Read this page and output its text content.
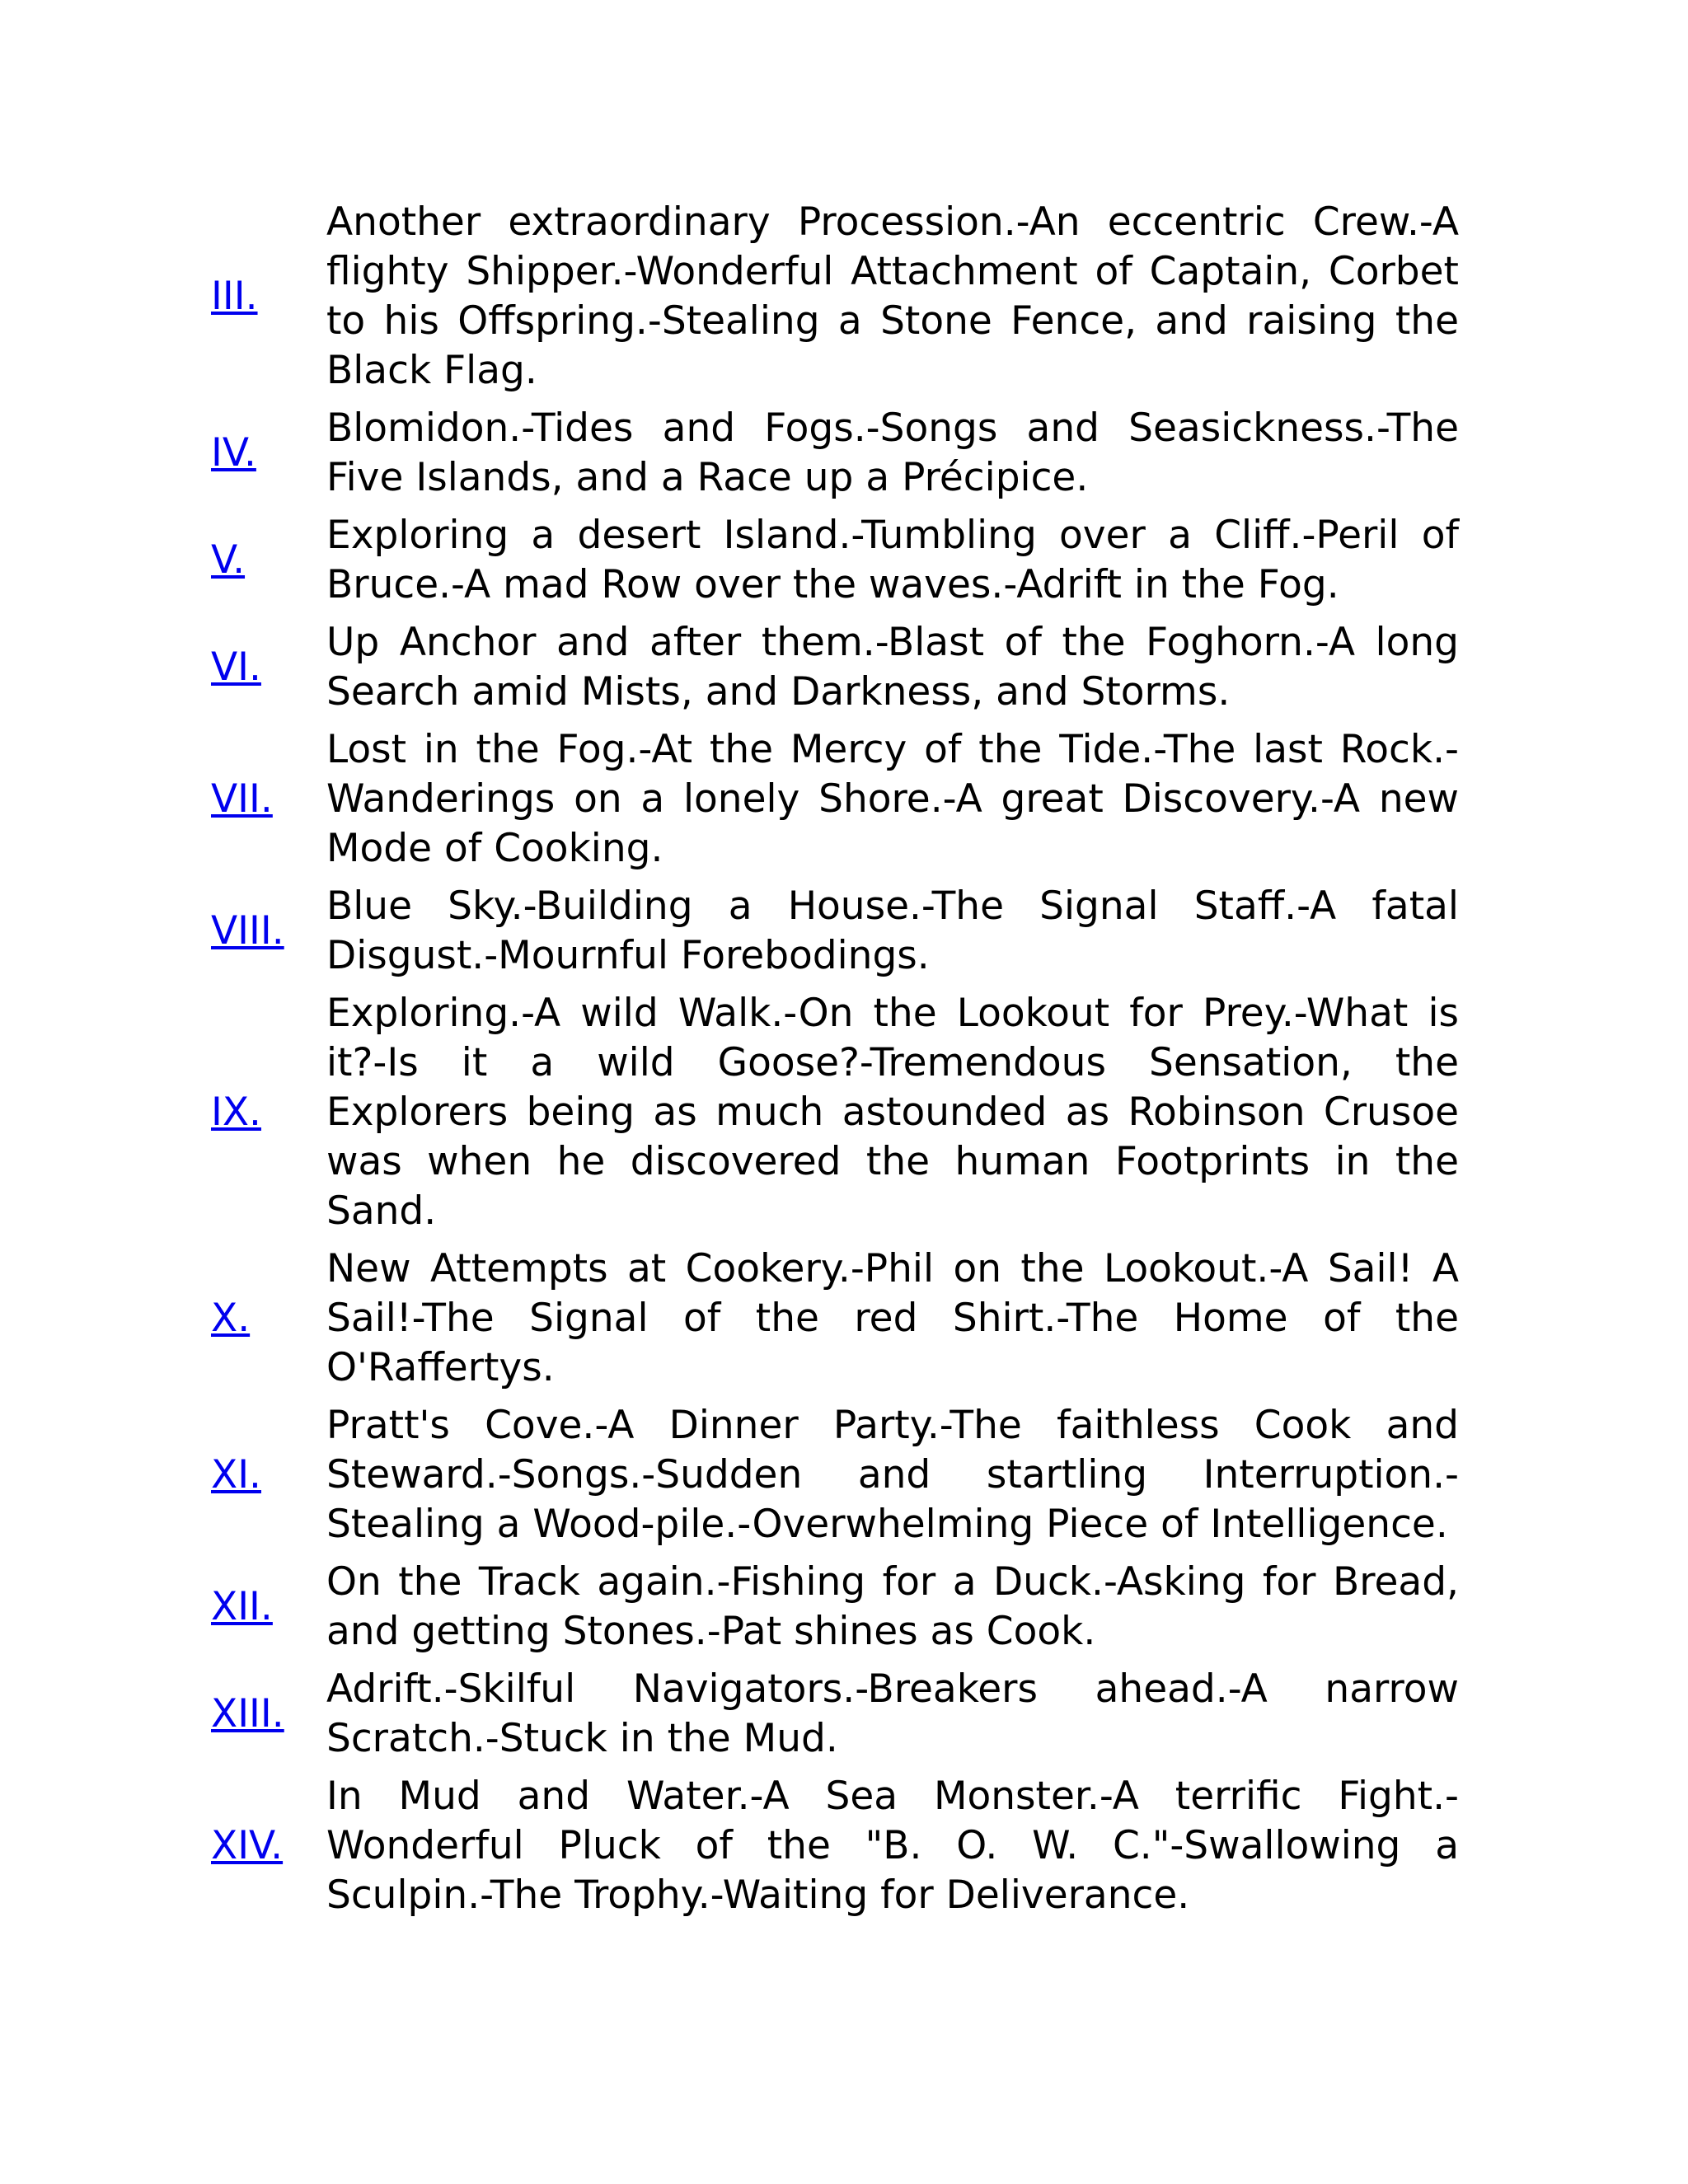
III.	Another extraordinary Procession.-An eccentric Crew.-A flighty Shipper.-Wonderful Attachment of Captain, Corbet to his Offspring.-Stealing a Stone Fence, and raising the Black Flag.
IV.	Blomidon.-Tides and Fogs.-Songs and Seasickness.-The Five Islands, and a Race up a Précipice.
V.	Exploring a desert Island.-Tumbling over a Cliff.-Peril of Bruce.-A mad Row over the waves.-Adrift in the Fog.
VI.	Up Anchor and after them.-Blast of the Foghorn.-A long Search amid Mists, and Darkness, and Storms.
VII.	Lost in the Fog.-At the Mercy of the Tide.-The last Rock.-Wanderings on a lonely Shore.-A great Discovery.-A new Mode of Cooking.
VIII.	Blue Sky.-Building a House.-The Signal Staff.-A fatal Disgust.-Mournful Forebodings.
IX.	Exploring.-A wild Walk.-On the Lookout for Prey.-What is it?-Is it a wild Goose?-Tremendous Sensation, the Explorers being as much astounded as Robinson Crusoe was when he discovered the human Footprints in the Sand.
X.	New Attempts at Cookery.-Phil on the Lookout.-A Sail! A Sail!-The Signal of the red Shirt.-The Home of the O'Raffertys.
XI.	Pratt's Cove.-A Dinner Party.-The faithless Cook and Steward.-Songs.-Sudden and startling Interruption.-Stealing a Wood-pile.-Overwhelming Piece of Intelligence.
XII.	On the Track again.-Fishing for a Duck.-Asking for Bread, and getting Stones.-Pat shines as Cook.
XIII.	Adrift.-Skilful Navigators.-Breakers ahead.-A narrow Scratch.-Stuck in the Mud.
XIV.	In Mud and Water.-A Sea Monster.-A terrific Fight.-Wonderful Pluck of the "B. O. W. C."-Swallowing a Sculpin.-The Trophy.-Waiting for Deliverance.
